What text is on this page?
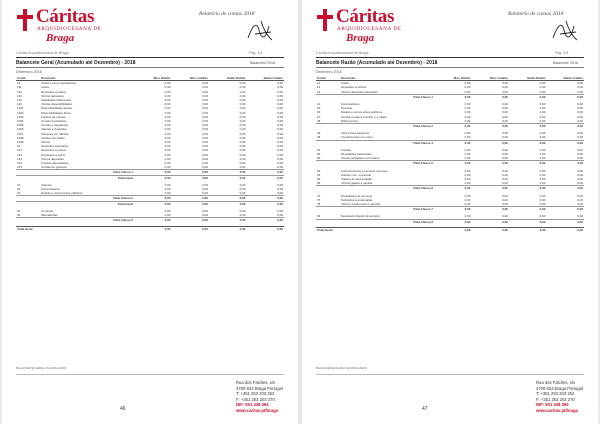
Cáritas
ARQUIDIOCESANA DE
Braga
Cáritas Arquidiocesana de Braga
Relatório de contas 2018
Pág. 1/4
Balancete Geral (Acumulado até Dezembro) - 2018	Balancete 2018
Dezembro 2018
Conta	Descrição	Mov. Débito	Mov. Crédito	Saldo Débito	Saldo Crédito
11	Caixa e seus equivalentes	0,00	0,00	0,00	0,00
111	Caixa	0,00	0,00	0,00	0,00
112	Depósitos à ordem	0,00	0,00	0,00	0,00
113	Outros depósitos	0,00	0,00	0,00	0,00
114	Aplicações financeiras	0,00	0,00	0,00	0,00
119	Outras disponibilidades	0,00	0,00	0,00	0,00
1191	Disponibilidades afetas	0,00	0,00	0,00	0,00
1192	Disponibilidades livres	0,00	0,00	0,00	0,00
1193	Fundos de maneio	0,00	0,00	0,00	0,00
1194	Contas transitórias	0,00	0,00	0,00	0,00
1195	Contas a regularizar	0,00	0,00	0,00	0,00
1196	Valores a depositar	0,00	0,00	0,00	0,00
1197	Cheques em trânsito	0,00	0,00	0,00	0,00
1198	Cartões de débito	0,00	0,00	0,00	0,00
1199	Outros	0,00	0,00	0,00	0,00
12	Depósitos bancários	0,00	0,00	0,00	0,00
121	Depósitos à ordem	0,00	0,00	0,00	0,00
122	Depósitos a prazo	0,00	0,00	0,00	0,00
123	Outros depósitos	0,00	0,00	0,00	0,00
124	Fundos depositados	0,00	0,00	0,00	0,00
125	Contas de garantia	0,00	0,00	0,00	0,00
Total Classe 1		0,00	0,00	0,00	0,00
Total Geral		0,00	0,00	0,00	0,00

21	Clientes	0,00	0,00	0,00	0,00
22	Fornecedores	0,00	0,00	0,00	0,00
24	Estado e outros entes públicos	0,00	0,00	0,00	0,00
Total Classe 2		0,00	0,00	0,00	0,00
Total Geral		0,00	0,00	0,00	0,00

31	Compras	0,00	0,00	0,00	0,00
32	Mercadorias	0,00	0,00	0,00	0,00
Total Classe 3		0,00	0,00	0,00	0,00

Total Geral		0,00	0,00	0,00	0,00
BALANCETE GERAL (ACUMULADO)
46
Rua dos Falcões, s/n
4700-034 Braga Portugal
T: +351 253 203 252
F: +351 253 203 270
NIF: 501 438 394
www.caritas.pt/braga
Cáritas
ARQUIDIOCESANA DE
Braga
Cáritas Arquidiocesana de Braga
Relatório de contas 2018
Pág. 2/4
Balancete Razão (Acumulado até Dezembro) - 2018	Balancete 2018
Dezembro 2018
Conta	Descrição	Mov. Débito	Mov. Crédito	Saldo Débito	Saldo Crédito
11	Caixa	0,00	0,00	0,00	0,00
12	Depósitos à ordem	0,00	0,00	0,00	0,00
13	Outros depósitos bancários	0,00	0,00	0,00	0,00
Total Classe 1		0,00	0,00	0,00	0,00

21	Fornecedores	0,00	0,00	0,00	0,00
22	Pessoal	0,00	0,00	0,00	0,00
24	Estado e outros entes públicos	0,00	0,00	0,00	0,00
27	Outras contas a receber e a pagar	0,00	0,00	0,00	0,00
28	Diferimentos	0,00	0,00	0,00	0,00
Total Classe 2		0,00	0,00	0,00	0,00

43	Ativos fixos tangíveis	0,00	0,00	0,00	0,00
45	Investimentos em curso	0,00	0,00	0,00	0,00
Total Classe 4		0,00	0,00	0,00	0,00

51	Fundos	0,00	0,00	0,00	0,00
56	Resultados transitados	0,00	0,00	0,00	0,00
59	Outras variações nos fundos	0,00	0,00	0,00	0,00
Total Classe 5		0,00	0,00	0,00	0,00

62	Fornecimentos e serviços externos	0,00	0,00	0,00	0,00
63	Gastos com o pessoal	0,00	0,00	0,00	0,00
64	Gastos de depreciação	0,00	0,00	0,00	0,00
68	Outros gastos e perdas	0,00	0,00	0,00	0,00
Total Classe 6		0,00	0,00	0,00	0,00

72	Prestações de serviços	0,00	0,00	0,00	0,00
75	Subsídios à exploração	0,00	0,00	0,00	0,00
78	Outros rendimentos e ganhos	0,00	0,00	0,00	0,00
Total Classe 7		0,00	0,00	0,00	0,00

81	Resultado líquido do período	0,00	0,00	0,00	0,00
Total Classe 8		0,00	0,00	0,00	0,00

Total Geral		0,00	0,00	0,00	0,00
BALANCETE RAZÃO (ACUMULADO)
47
Rua dos Falcões, s/n
4700-034 Braga Portugal
T: +351 253 203 252
F: +351 253 203 270
NIF: 501 438 394
www.caritas.pt/braga
